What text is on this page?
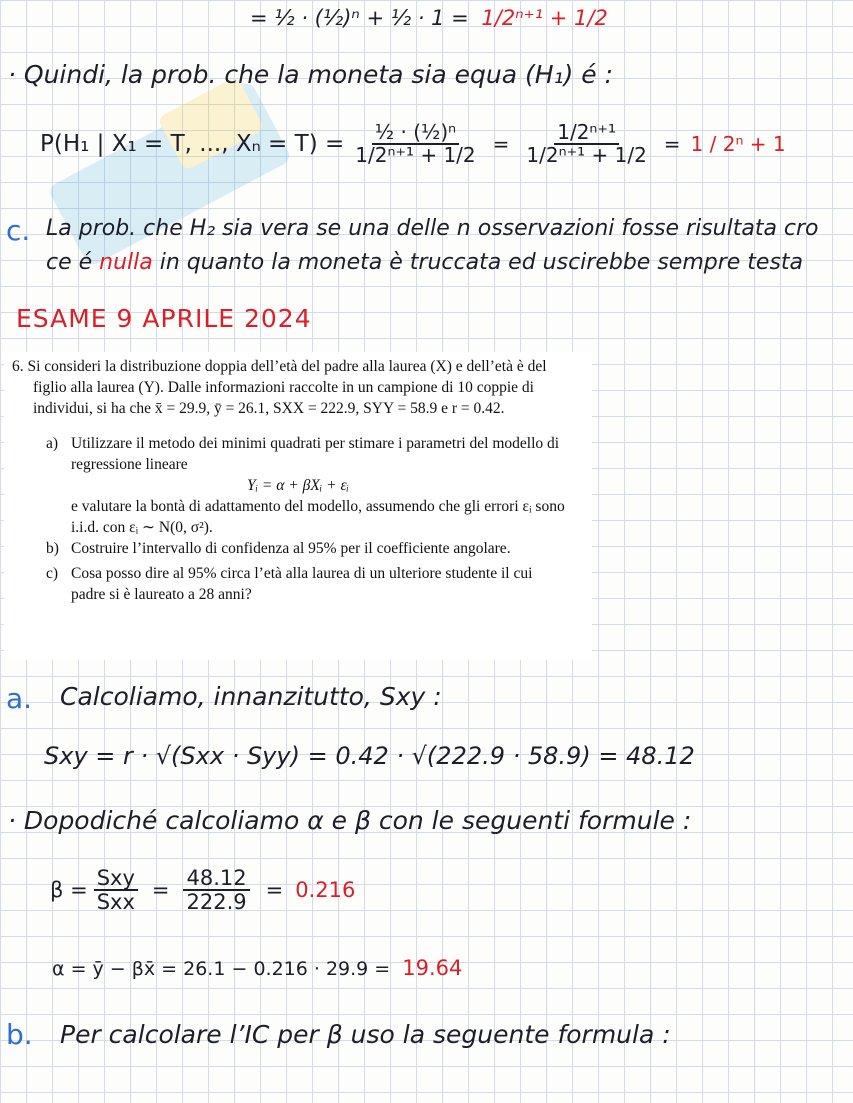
= ½ · (½)ⁿ + ½ · 1 = 1/2ⁿ⁺¹ + 1/2
· Quindi, la prob. che la moneta sia equa (H₁) é :
P(H₁ | X₁ = T, ..., $X_n = T) = \frac{\text{½ · (½)ⁿ}}{\text{1/2ⁿ⁺¹ + 1/2}} = \frac{\text{1/2ⁿ⁺¹}}{\text{1/2ⁿ⁺¹ + 1/2}} = 1 / 2^n + 1$
c. La prob. che H₂ sia vera se una delle n osservazioni fosse risultata cro
ce é nulla in quanto la moneta è truccata ed uscirebbe sempre testa
ESAME 9 APRILE 2024

6. Si consideri la distribuzione doppia dell’età del padre alla laurea (X) e dell’età è del figlio alla laurea (Y). Dalle informazioni raccolte in un campione di 10 coppie di individui, si ha che x̄ = 29.9, ȳ = 26.1, SXX = 222.9, SYY = 58.9 e r = 0.42.

a) Utilizzare il metodo dei minimi quadrati per stimare i parametri del modello di regressione lineare

Yᵢ = α + βXᵢ + εᵢ

e valutare la bontà di adattamento del modello, assumendo che gli errori εᵢ sono i.i.d. con εᵢ ∼ N(0, σ²).

b) Costruire l’intervallo di confidenza al 95% per il coefficiente angolare.

c) Cosa posso dire al 95% circa l’età alla laurea di un ulteriore studente il cui padre si è laureato a 28 anni?

a. Calcoliamo, innanzitutto, Sxy :
Sxy = r · √(Sxx · Syy) = 0.42 · √(222.9 · 58.9) = 48.12
· Dopodiché calcoliamo α e β con le seguenti formule :
$\beta = \frac{\text{Sxy}}{\text{Sxx}} = \frac{48.12}{222.9} = 0.216$
α = ȳ − βx̄ = 26.1 − 0.216 · 29.9 = 19.64
b. Per calcolare l’IC per β uso la seguente formula :
